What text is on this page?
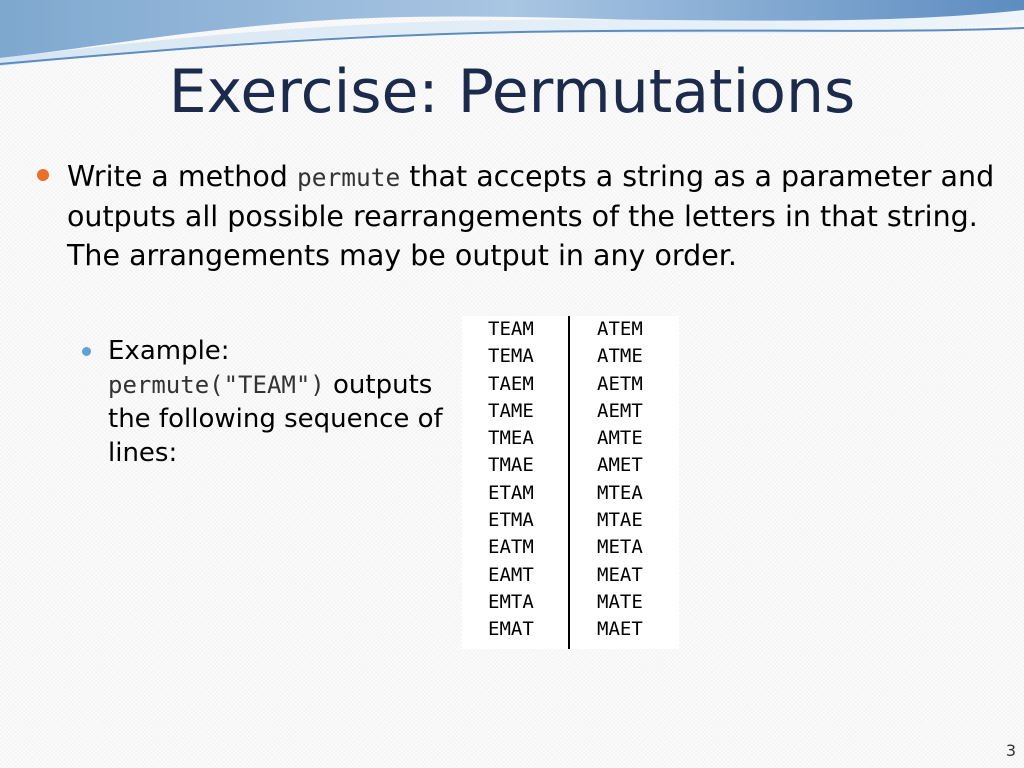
Exercise: Permutations
Write a method permute that accepts a string as a parameter and outputs all possible rearrangements of the letters in that string. The arrangements may be output in any order.
Example: permute("TEAM") outputs the following sequence of lines:
TEAM
TEMA
TAEM
TAME
TMEA
TMAE
ETAM
ETMA
EATM
EAMT
EMTA
EMAT
ATEM
ATME
AETM
AEMT
AMTE
AMET
MTEA
MTAE
META
MEAT
MATE
MAET
3
